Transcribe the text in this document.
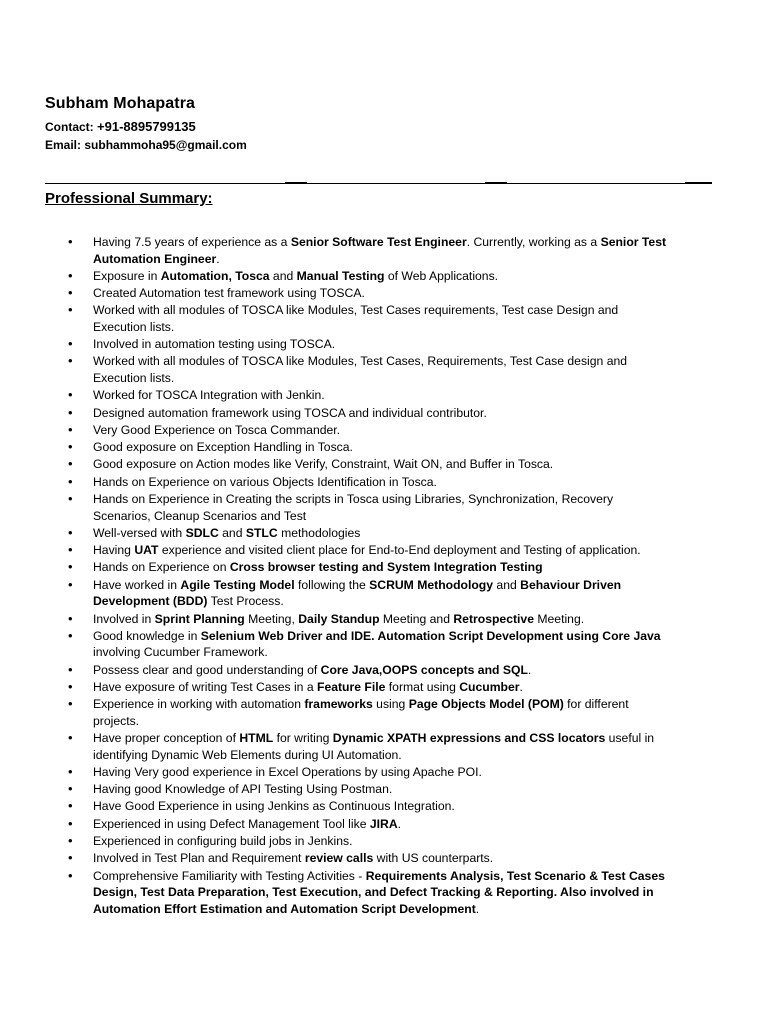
Subham Mohapatra
Contact: +91-8895799135
Email: subhammoha95@gmail.com
Professional Summary:
• Having 7.5 years of experience as a Senior Software Test Engineer. Currently, working as a Senior Test Automation Engineer.
• Exposure in Automation, Tosca and Manual Testing of Web Applications.
• Created Automation test framework using TOSCA.
• Worked with all modules of TOSCA like Modules, Test Cases requirements, Test case Design and Execution lists.
• Involved in automation testing using TOSCA.
• Worked with all modules of TOSCA like Modules, Test Cases, Requirements, Test Case design and Execution lists.
• Worked for TOSCA Integration with Jenkin.
• Designed automation framework using TOSCA and individual contributor.
• Very Good Experience on Tosca Commander.
• Good exposure on Exception Handling in Tosca.
• Good exposure on Action modes like Verify, Constraint, Wait ON, and Buffer in Tosca.
• Hands on Experience on various Objects Identification in Tosca.
• Hands on Experience in Creating the scripts in Tosca using Libraries, Synchronization, Recovery Scenarios, Cleanup Scenarios and Test
• Well-versed with SDLC and STLC methodologies
• Having UAT experience and visited client place for End-to-End deployment and Testing of application.
• Hands on Experience on Cross browser testing and System Integration Testing
• Have worked in Agile Testing Model following the SCRUM Methodology and Behaviour Driven Development (BDD) Test Process.
• Involved in Sprint Planning Meeting, Daily Standup Meeting and Retrospective Meeting.
• Good knowledge in Selenium Web Driver and IDE. Automation Script Development using Core Java involving Cucumber Framework.
• Possess clear and good understanding of Core Java,OOPS concepts and SQL.
• Have exposure of writing Test Cases in a Feature File format using Cucumber.
• Experience in working with automation frameworks using Page Objects Model (POM) for different projects.
• Have proper conception of HTML for writing Dynamic XPATH expressions and CSS locators useful in identifying Dynamic Web Elements during UI Automation.
• Having Very good experience in Excel Operations by using Apache POI.
• Having good Knowledge of API Testing Using Postman.
• Have Good Experience in using Jenkins as Continuous Integration.
• Experienced in using Defect Management Tool like JIRA.
• Experienced in configuring build jobs in Jenkins.
• Involved in Test Plan and Requirement review calls with US counterparts.
• Comprehensive Familiarity with Testing Activities - Requirements Analysis, Test Scenario & Test Cases Design, Test Data Preparation, Test Execution, and Defect Tracking & Reporting. Also involved in Automation Effort Estimation and Automation Script Development.
